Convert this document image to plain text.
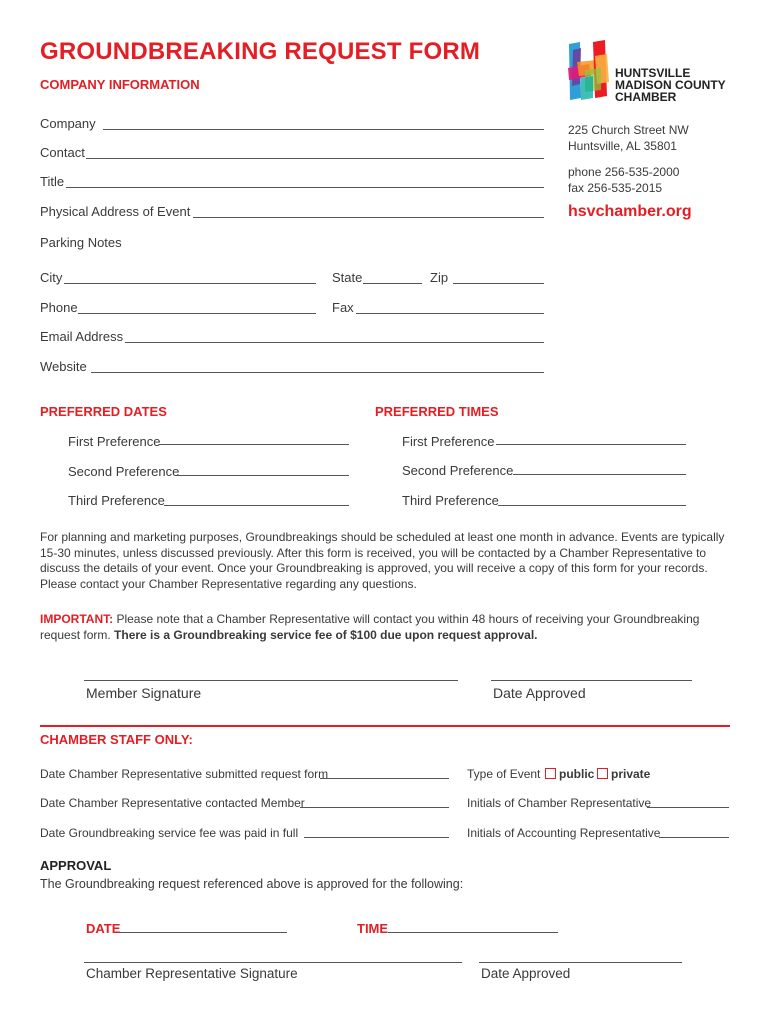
GROUNDBREAKING REQUEST FORM
COMPANY INFORMATION
HUNTSVILLE
MADISON COUNTY
CHAMBER
225 Church Street NW
Huntsville, AL 35801
phone 256-535-2000
fax 256-535-2015
hsvchamber.org
Company
Contact
Title
Physical Address of Event
Parking Notes
City	State	Zip
Phone	Fax
Email Address
Website
PREFERRED DATES	PREFERRED TIMES
First Preference
Second Preference
Third Preference
First Preference
Second Preference
Third Preference
For planning and marketing purposes, Groundbreakings should be scheduled at least one month in advance. Events are typically 15-30 minutes, unless discussed previously. After this form is received, you will be contacted by a Chamber Representative to discuss the details of your event. Once your Groundbreaking is approved, you will receive a copy of this form for your records. Please contact your Chamber Representative regarding any questions.
IMPORTANT: Please note that a Chamber Representative will contact you within 48 hours of receiving your Groundbreaking request form. There is a Groundbreaking service fee of $100 due upon request approval.
Member Signature	Date Approved
CHAMBER STAFF ONLY:
Date Chamber Representative submitted request form
Date Chamber Representative contacted Member
Date Groundbreaking service fee was paid in full
Type of Event	public	private
Initials of Chamber Representative
Initials of Accounting Representative
APPROVAL
The Groundbreaking request referenced above is approved for the following:
DATE	TIME
Chamber Representative Signature	Date Approved
